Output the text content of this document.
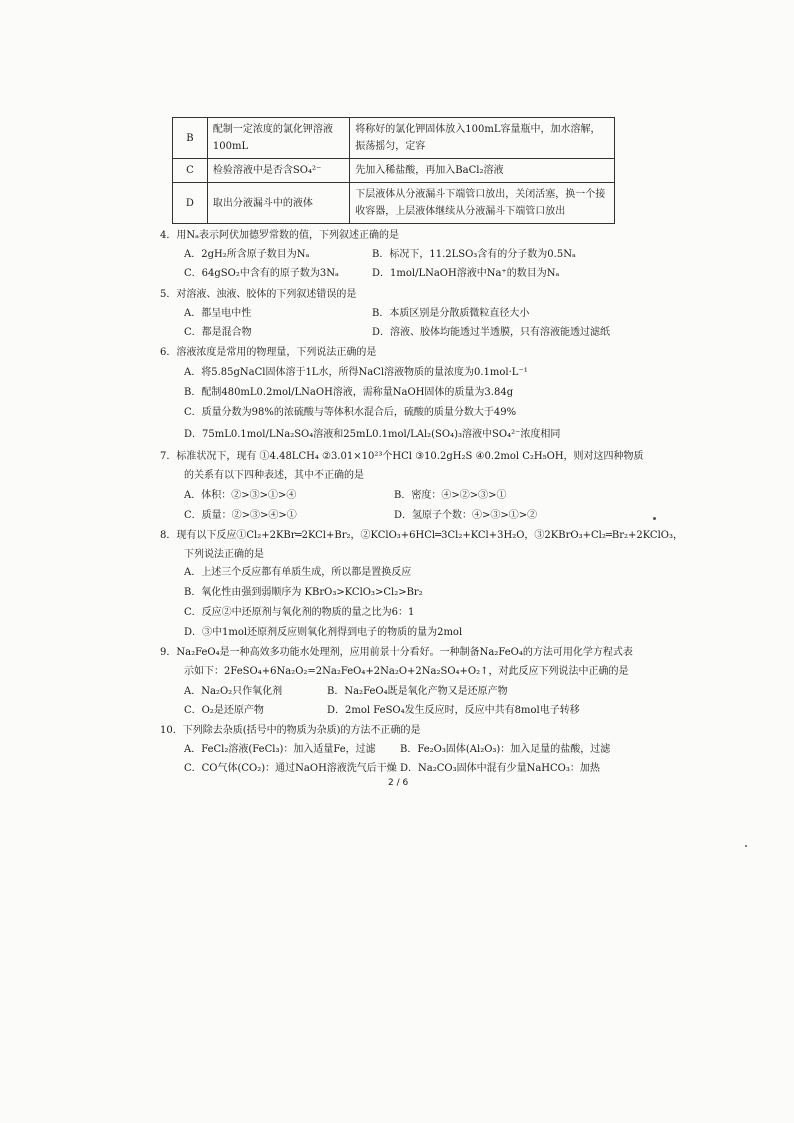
B	配制一定浓度的氯化钾溶液100mL	将称好的氯化钾固体放入100mL容量瓶中，加水溶解，振荡摇匀，定容
C	检验溶液中是否含SO₄²⁻	先加入稀盐酸，再加入BaCl₂溶液
D	取出分液漏斗中的液体	下层液体从分液漏斗下端管口放出，关闭活塞，换一个接收容器，上层液体继续从分液漏斗下端管口放出
4．用Nₐ表示阿伏加德罗常数的值，下列叙述正确的是
A．2gH₂所含原子数目为Nₐ	B．标况下，11.2LSO₃含有的分子数为0.5Nₐ
C．64gSO₂中含有的原子数为3Nₐ	D．1mol/LNaOH溶液中Na⁺的数目为Nₐ
5．对溶液、浊液、胶体的下列叙述错误的是
A．都呈电中性	B．本质区别是分散质微粒直径大小
C．都是混合物	D．溶液、胶体均能透过半透膜，只有溶液能透过滤纸
6．溶液浓度是常用的物理量，下列说法正确的是
A．将5.85gNaCl固体溶于1L水，所得NaCl溶液物质的量浓度为0.1mol·L⁻¹
B．配制480mL0.2mol/LNaOH溶液，需称量NaOH固体的质量为3.84g
C．质量分数为98%的浓硫酸与等体积水混合后，硫酸的质量分数大于49%
D．75mL0.1mol/LNa₂SO₄溶液和25mL0.1mol/LAl₂(SO₄)₃溶液中SO₄²⁻浓度相同
7．标准状况下，现有 ①4.48LCH₄ ②3.01×10²³个HCl ③10.2gH₂S ④0.2mol C₂H₅OH，则对这四种物质
的关系有以下四种表述，其中不正确的是
A．体积：②>③>①>④	B．密度：④>②>③>①
C．质量：②>③>④>①	D．氢原子个数：④>③>①>②
8．现有以下反应①Cl₂+2KBr═2KCl+Br₂，②KClO₃+6HCl═3Cl₂+KCl+3H₂O，③2KBrO₃+Cl₂═Br₂+2KClO₃，
下列说法正确的是
A．上述三个反应都有单质生成，所以都是置换反应
B．氧化性由强到弱顺序为 KBrO₃>KClO₃>Cl₂>Br₂
C．反应②中还原剂与氧化剂的物质的量之比为6：1
D．③中1mol还原剂反应则氧化剂得到电子的物质的量为2mol
9．Na₂FeO₄是一种高效多功能水处理剂，应用前景十分看好。一种制备Na₂FeO₄的方法可用化学方程式表
示如下：2FeSO₄+6Na₂O₂=2Na₂FeO₄+2Na₂O+2Na₂SO₄+O₂↑，对此反应下列说法中正确的是
A．Na₂O₂只作氧化剂	B．Na₂FeO₄既是氧化产物又是还原产物
C．O₂是还原产物	D．2mol FeSO₄发生反应时，反应中共有8mol电子转移
10．下列除去杂质(括号中的物质为杂质)的方法不正确的是
A．FeCl₂溶液(FeCl₃)：加入适量Fe，过滤 B．Fe₂O₃固体(Al₂O₃)：加入足量的盐酸，过滤
C．CO气体(CO₂)：通过NaOH溶液洗气后干燥 D．Na₂CO₃固体中混有少量NaHCO₃：加热
2 / 6
